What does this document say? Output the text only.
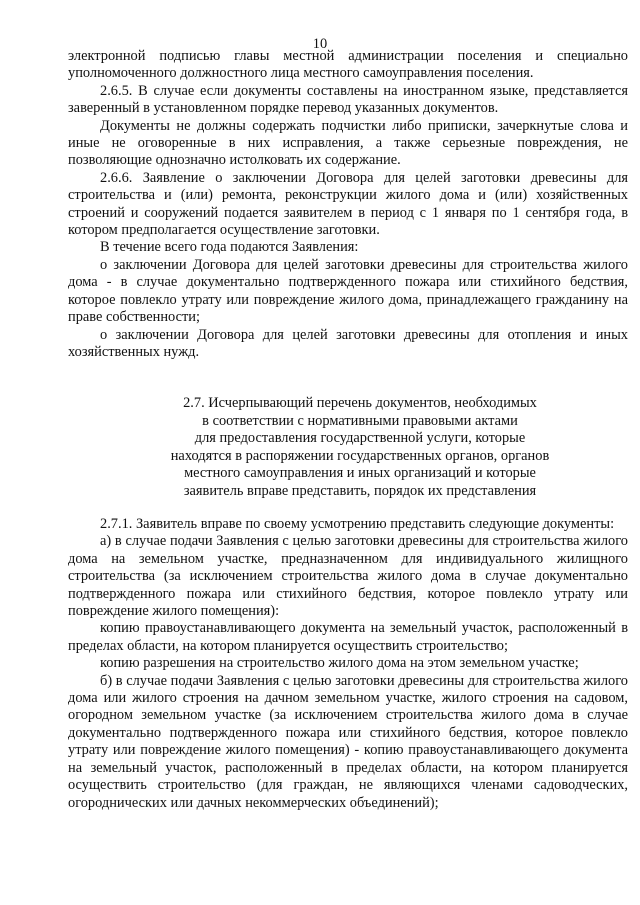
10

электронной подписью главы местной администрации поселения и специально уполномоченного должностного лица местного самоуправления поселения.

2.6.5. В случае если документы составлены на иностранном языке, представляется заверенный в установленном порядке перевод указанных документов.

Документы не должны содержать подчистки либо приписки, зачеркнутые слова и иные не оговоренные в них исправления, а также серьезные повреждения, не позволяющие однозначно истолковать их содержание.

2.6.6. Заявление о заключении Договора для целей заготовки древесины для строительства и (или) ремонта, реконструкции жилого дома и (или) хозяйственных строений и сооружений подается заявителем в период с 1 января по 1 сентября года, в котором предполагается осуществление заготовки.

В течение всего года подаются Заявления:

о заключении Договора для целей заготовки древесины для строительства жилого дома - в случае документально подтвержденного пожара или стихийного бедствия, которое повлекло утрату или повреждение жилого дома, принадлежащего гражданину на праве собственности;

о заключении Договора для целей заготовки древесины для отопления и иных хозяйственных нужд.

2.7. Исчерпывающий перечень документов, необходимых
в соответствии с нормативными правовыми актами
для предоставления государственной услуги, которые
находятся в распоряжении государственных органов, органов
местного самоуправления и иных организаций и которые
заявитель вправе представить, порядок их представления

2.7.1. Заявитель вправе по своему усмотрению представить следующие документы:

а) в случае подачи Заявления с целью заготовки древесины для строительства жилого дома на земельном участке, предназначенном для индивидуального жилищного строительства (за исключением строительства жилого дома в случае документально подтвержденного пожара или стихийного бедствия, которое повлекло утрату или повреждение жилого помещения):

копию правоустанавливающего документа на земельный участок, расположенный в пределах области, на котором планируется осуществить строительство;

копию разрешения на строительство жилого дома на этом земельном участке;

б) в случае подачи Заявления с целью заготовки древесины для строительства жилого дома или жилого строения на дачном земельном участке, жилого строения на садовом, огородном земельном участке (за исключением строительства жилого дома в случае документально подтвержденного пожара или стихийного бедствия, которое повлекло утрату или повреждение жилого помещения) - копию правоустанавливающего документа на земельный участок, расположенный в пределах области, на котором планируется осуществить строительство (для граждан, не являющихся членами садоводческих, огороднических или дачных некоммерческих объединений);
